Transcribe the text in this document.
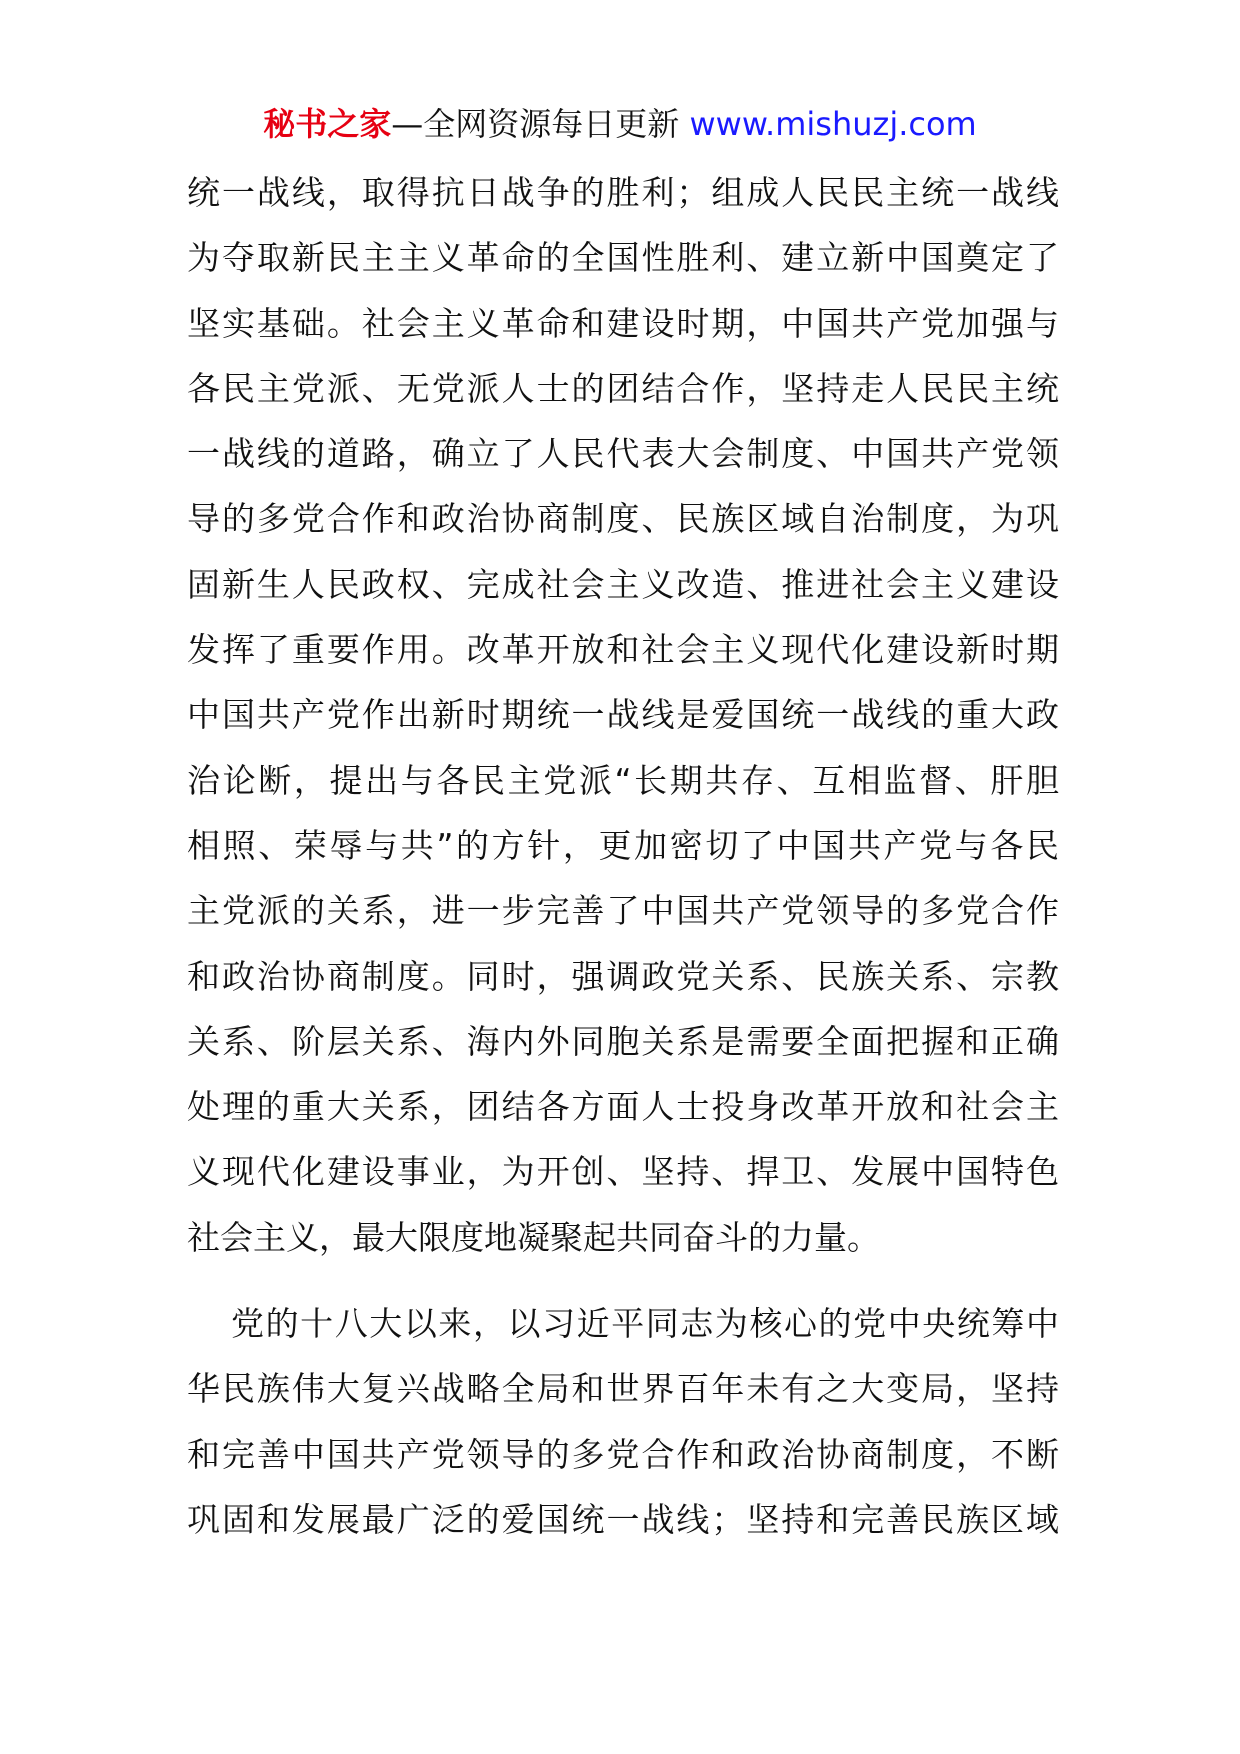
秘书之家—全网资源每日更新 www.mishuzj.com
统一战线，取得抗日战争的胜利；组成人民民主统一战线
为夺取新民主主义革命的全国性胜利、建立新中国奠定了
坚实基础。社会主义革命和建设时期，中国共产党加强与
各民主党派、无党派人士的团结合作，坚持走人民民主统
一战线的道路，确立了人民代表大会制度、中国共产党领
导的多党合作和政治协商制度、民族区域自治制度，为巩
固新生人民政权、完成社会主义改造、推进社会主义建设
发挥了重要作用。改革开放和社会主义现代化建设新时期
中国共产党作出新时期统一战线是爱国统一战线的重大政
治论断，提出与各民主党派“长期共存、互相监督、肝胆
相照、荣辱与共”的方针，更加密切了中国共产党与各民
主党派的关系，进一步完善了中国共产党领导的多党合作
和政治协商制度。同时，强调政党关系、民族关系、宗教
关系、阶层关系、海内外同胞关系是需要全面把握和正确
处理的重大关系，团结各方面人士投身改革开放和社会主
义现代化建设事业，为开创、坚持、捍卫、发展中国特色
社会主义，最大限度地凝聚起共同奋斗的力量。
党的十八大以来，以习近平同志为核心的党中央统筹中
华民族伟大复兴战略全局和世界百年未有之大变局，坚持
和完善中国共产党领导的多党合作和政治协商制度，不断
巩固和发展最广泛的爱国统一战线；坚持和完善民族区域
